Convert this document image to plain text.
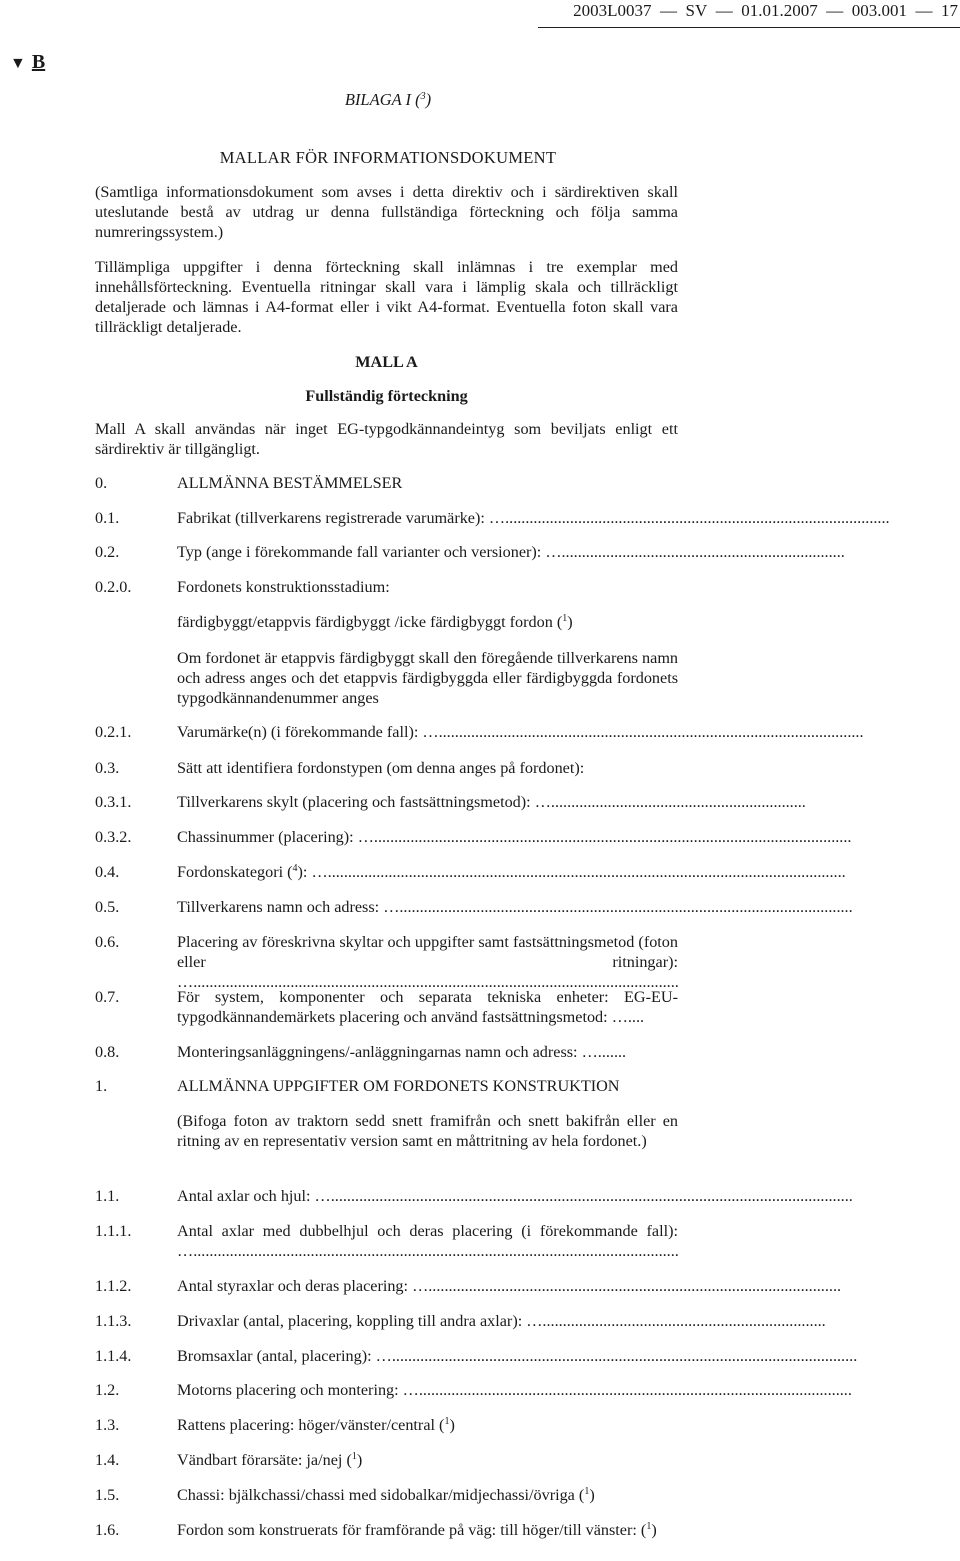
2003L0037  —  SV  —  01.01.2007  —  003.001  —  17
▼ B
BILAGA I ($^3$)
MALLAR FÖR INFORMATIONSDOKUMENT
(Samtliga informationsdokument som avses i detta direktiv och i särdirektiven skall uteslutande bestå av utdrag ur denna fullständiga förteckning och följa samma numreringssystem.)
Tillämpliga uppgifter i denna förteckning skall inlämnas i tre exemplar med innehållsförteckning. Eventuella ritningar skall vara i lämplig skala och tillräckligt detaljerade och lämnas i A4-format eller i vikt A4-format. Eventuella foton skall vara tillräckligt detaljerade.
MALL A
Fullständig förteckning
Mall A skall användas när inget EG-typgodkännandeintyg som beviljats enligt ett särdirektiv är tillgängligt.
0.	ALLMÄNNA BESTÄMMELSER
0.1.	Fabrikat (tillverkarens registrerade varumärke): …...............................................................................................
0.2.	Typ (ange i förekommande fall varianter och versioner): …......................................................................
0.2.0.	Fordonets konstruktionsstadium:
färdigbyggt/etappvis färdigbyggt /icke färdigbyggt fordon ($^1$)
Om fordonet är etappvis färdigbyggt skall den föregående tillverkarens namn och adress anges och det etappvis färdigbyggda eller färdigbyggda fordonets typgodkännandenummer anges
0.2.1.	Varumärke(n) (i förekommande fall): ….........................................................................................................
0.3.	Sätt att identifiera fordonstypen (om denna anges på fordonet):
0.3.1.	Tillverkarens skylt (placering och fastsättningsmetod): …...............................................................
0.3.2.	Chassinummer (placering): …......................................................................................................................
0.4.	Fordonskategori ($^4$): …................................................................................................................................
0.5.	Tillverkarens namn och adress: …................................................................................................................
0.6.	Placering av föreskrivna skyltar och uppgifter samt fastsättningsmetod (foton eller ritningar): …........................................................................................................................
0.7.	För system, komponenter och separata tekniska enheter: EG-EU-typgodkännandemärkets placering och använd fastsättningsmetod: …....
0.8.	Monteringsanläggningens/-anläggningarnas namn och adress: ….......
1.	ALLMÄNNA UPPGIFTER OM FORDONETS KONSTRUKTION
(Bifoga foton av traktorn sedd snett framifrån och snett bakifrån eller en ritning av en representativ version samt en måttritning av hela fordonet.)
1.1.	Antal axlar och hjul: ….................................................................................................................................
1.1.1.	Antal axlar med dubbelhjul och deras placering (i förekommande fall): …........................................................................................................................
1.1.2.	Antal styraxlar och deras placering: …......................................................................................................
1.1.3.	Drivaxlar (antal, placering, koppling till andra axlar): …......................................................................
1.1.4.	Bromsaxlar (antal, placering): …...................................................................................................................
1.2.	Motorns placering och montering: …...........................................................................................................
1.3.	Rattens placering: höger/vänster/central ($^1$)
1.4.	Vändbart förarsäte: ja/nej ($^1$)
1.5.	Chassi: bjälkchassi/chassi med sidobalkar/midjechassi/övriga ($^1$)
1.6.	Fordon som konstruerats för framförande på väg: till höger/till vänster: ($^1$)
